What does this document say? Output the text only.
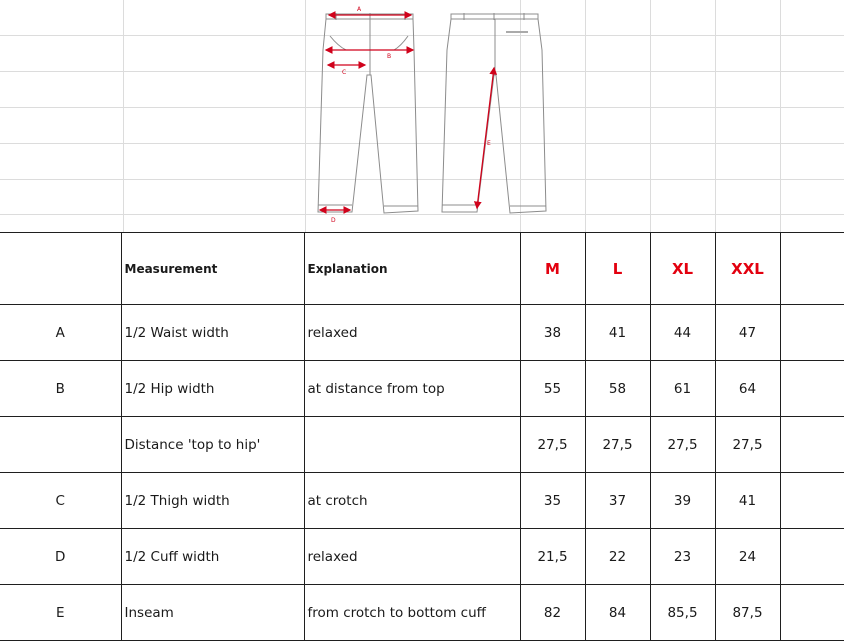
A
B
C
D
E
	Measurement	Explanation	M	L	XL	XXL	
A	1/2 Waist width	relaxed	38	41	44	47	
B	1/2 Hip width	at distance from top	55	58	61	64	
	Distance 'top to hip'		27,5	27,5	27,5	27,5	
C	1/2 Thigh width	at crotch	35	37	39	41	
D	1/2 Cuff width	relaxed	21,5	22	23	24	
E	Inseam	from crotch to bottom cuff	82	84	85,5	87,5	
